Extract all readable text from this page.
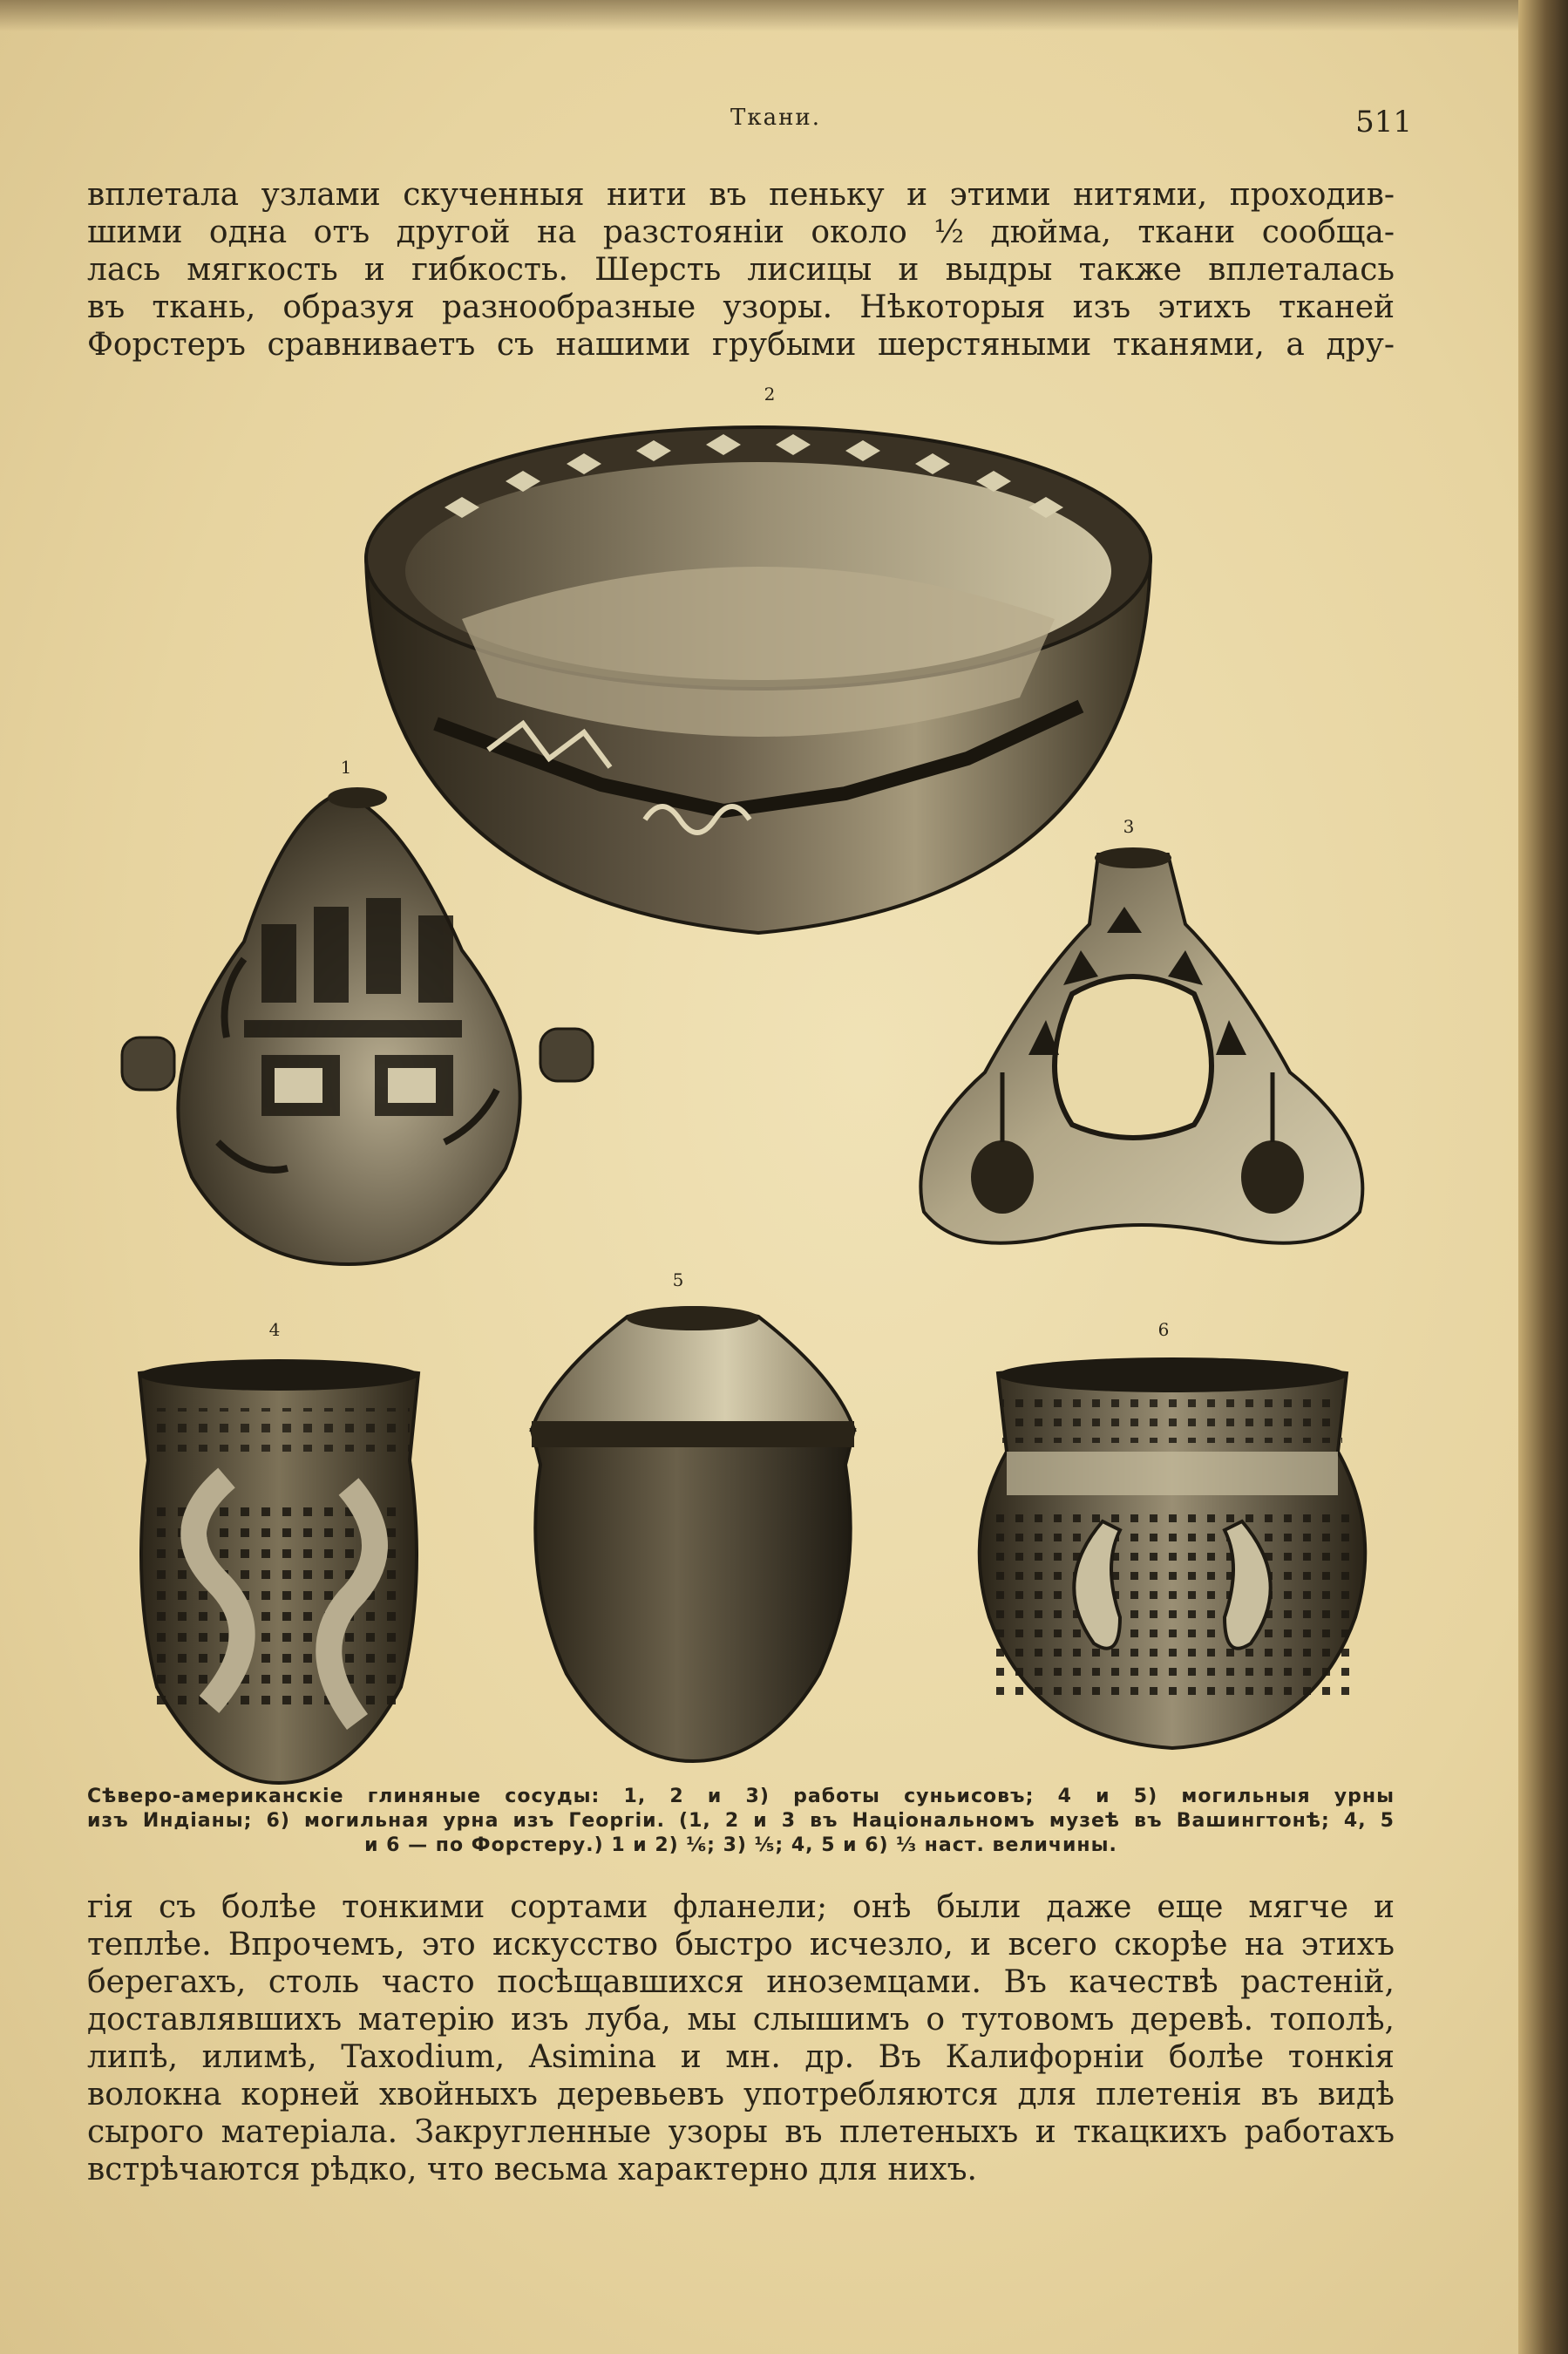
Ткани.	511
вплетала узлами скученныя нити въ пеньку и этими нитями, проходив-
шими одна отъ другой на разстоянiи около ½ дюйма, ткани сообща-
лась мягкость и гибкость. Шерсть лисицы и выдры также вплеталась
въ ткань, образуя разнообразные узоры. Нѣкоторыя изъ этихъ тканей
Форстеръ сравниваетъ съ нашими грубыми шерстяными тканями, а дру-
2
1
3
4
5
6
Сѣверо-американскiе глиняные сосуды: 1, 2 и 3) работы суньисовъ; 4 и 5) могильныя урны
изъ Индiаны; 6) могильная урна изъ Георгiи. (1, 2 и 3 въ Нацiональномъ музеѣ въ Вашингтонѣ; 4, 5
и 6 — по Форстеру.) 1 и 2) ⅙; 3) ⅕; 4, 5 и 6) ⅓ наст. величины.
гiя съ болѣе тонкими сортами фланели; онѣ были даже еще мягче и
теплѣе. Впрочемъ, это искусство быстро исчезло, и всего скорѣе на этихъ
берегахъ, столь часто посѣщавшихся иноземцами. Въ качествѣ растенiй,
доставлявшихъ матерiю изъ луба, мы слышимъ о тутовомъ деревѣ. тополѣ,
липѣ, илимѣ, Taxodium, Asimina и мн. др. Въ Калифорнiи болѣе тонкiя
волокна корней хвойныхъ деревьевъ употребляются для плетенiя въ видѣ
сырого матерiала. Закругленные узоры въ плетеныхъ и ткацкихъ работахъ
встрѣчаются рѣдко, что весьма характерно для нихъ.
